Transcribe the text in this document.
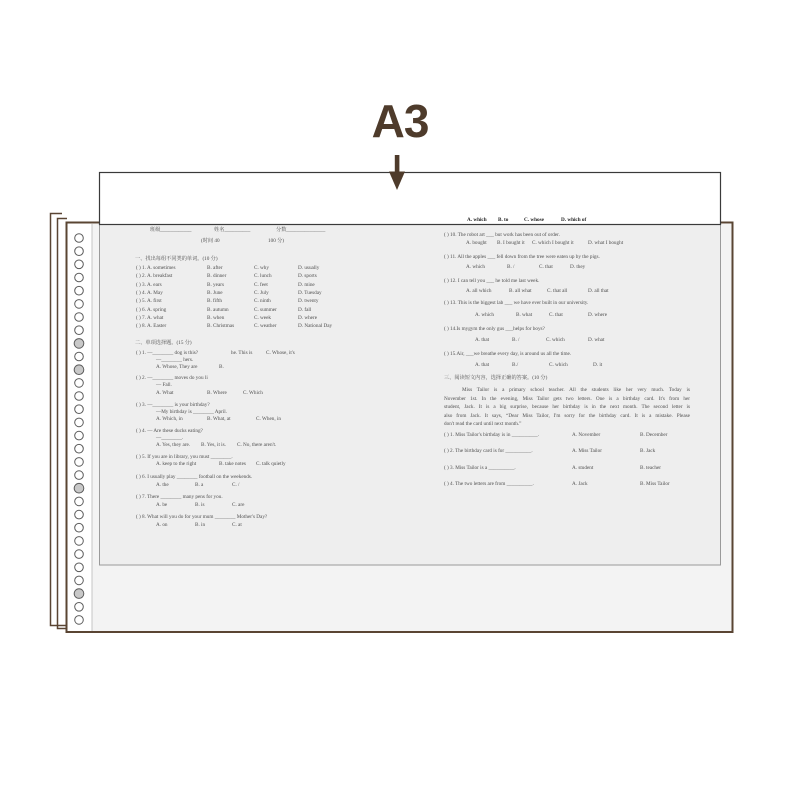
A3
A. which B. to	C. whose	D. which of
班级____________	姓名__________	分数_______________
(时间 40	100 分)
一、找出每组不同类的单词。(10 分)
( ) 1. A. sometimes	B. after	C. why	D. usually
( ) 2. A. breakfast	B. dinner	C. lunch	D. sports
( ) 3. A. ears	B. years	C. feet	D. mine
( ) 4. A. May	B. June	C. July	D. Tuesday
( ) 5. A. first	B. fifth	C. ninth	D. twenty
( ) 6. A. spring	B. autumn	C. summer	D. fall
( ) 7. A. what	B. when	C. week	D. where
( ) 8. A. Easter	B. Christmas	C. weather	D. National Day
二、单项选择题。(15 分)
( ) 1. —________ dog is this?	he. This is	C. Whose, it's
—________ hers.
A. Whose, They are	B.
( ) 2. —________ moves do you li
— Fall.
A. What	B. Where	C. Which
( ) 3. —________ is your birthday?
—My birthday is ________ April.
A. Which, in	B. What, at	C. When, in
( ) 4. — Are these ducks eating?
—________.
A. Yes, they are. B. Yes, it is. C. No, there aren't.
( ) 5. If you are in library, you must ________.
A. keep to the right	B. take notes C. talk quietly
( ) 6. I usually play ________ football on the weekends.
A. the	B. a	C. /
( ) 7. There ________ many pens for you.
A. be	B. is	C. are
( ) 8. What will you do for your mum ________ Mother's Day?
A. on	B. in	C. at
( ) 10. The robot art ___ but work has been out of order.
A. bought B. I bought it C. which I bought it	D. what I bought
( ) 11. All the apples ___ fell down from the tree were eaten up by the pigs.
A. which	B. /	C. that	D. they
( ) 12. I can tell you ___ he told me last week.
A. all which	B. all what	C. that all	D. all that
( ) 13. This is the biggest lab ___ we have ever built in our university.
A. which	B. what	C. that	D. where
( ) 14.Is mygym the only gus ___helps for boys?
A. that	B. /	C. which	D. what
( ) 15.Air, ___we breathe every day, is around us all the time.
A. that	B./	C. which	D. it
三、阅读短文内容，选择正确的答案。(10 分)
Miss Tailor is a primary school teacher. All the students like her very much. Today is
November 1st. In the evening, Miss Tailor gets two letters. One is a birthday card. It's from her
student, Jack. It is a big surprise, because her birthday is in the next month. The second letter is
also from Jack. It says, “Dear Miss Tailor, I'm sorry for the birthday card. It is a mistake. Please
don't read the card until next month.”
( ) 1. Miss Tailor's birthday is in __________.	A. November	B. December
( ) 2. The birthday card is for __________.	A. Miss Tailor	B. Jack
( ) 3. Miss Tailor is a __________.	A. student	B. teacher
( ) 4. The two letters are from __________.	A. Jack	B. Miss Tailor
